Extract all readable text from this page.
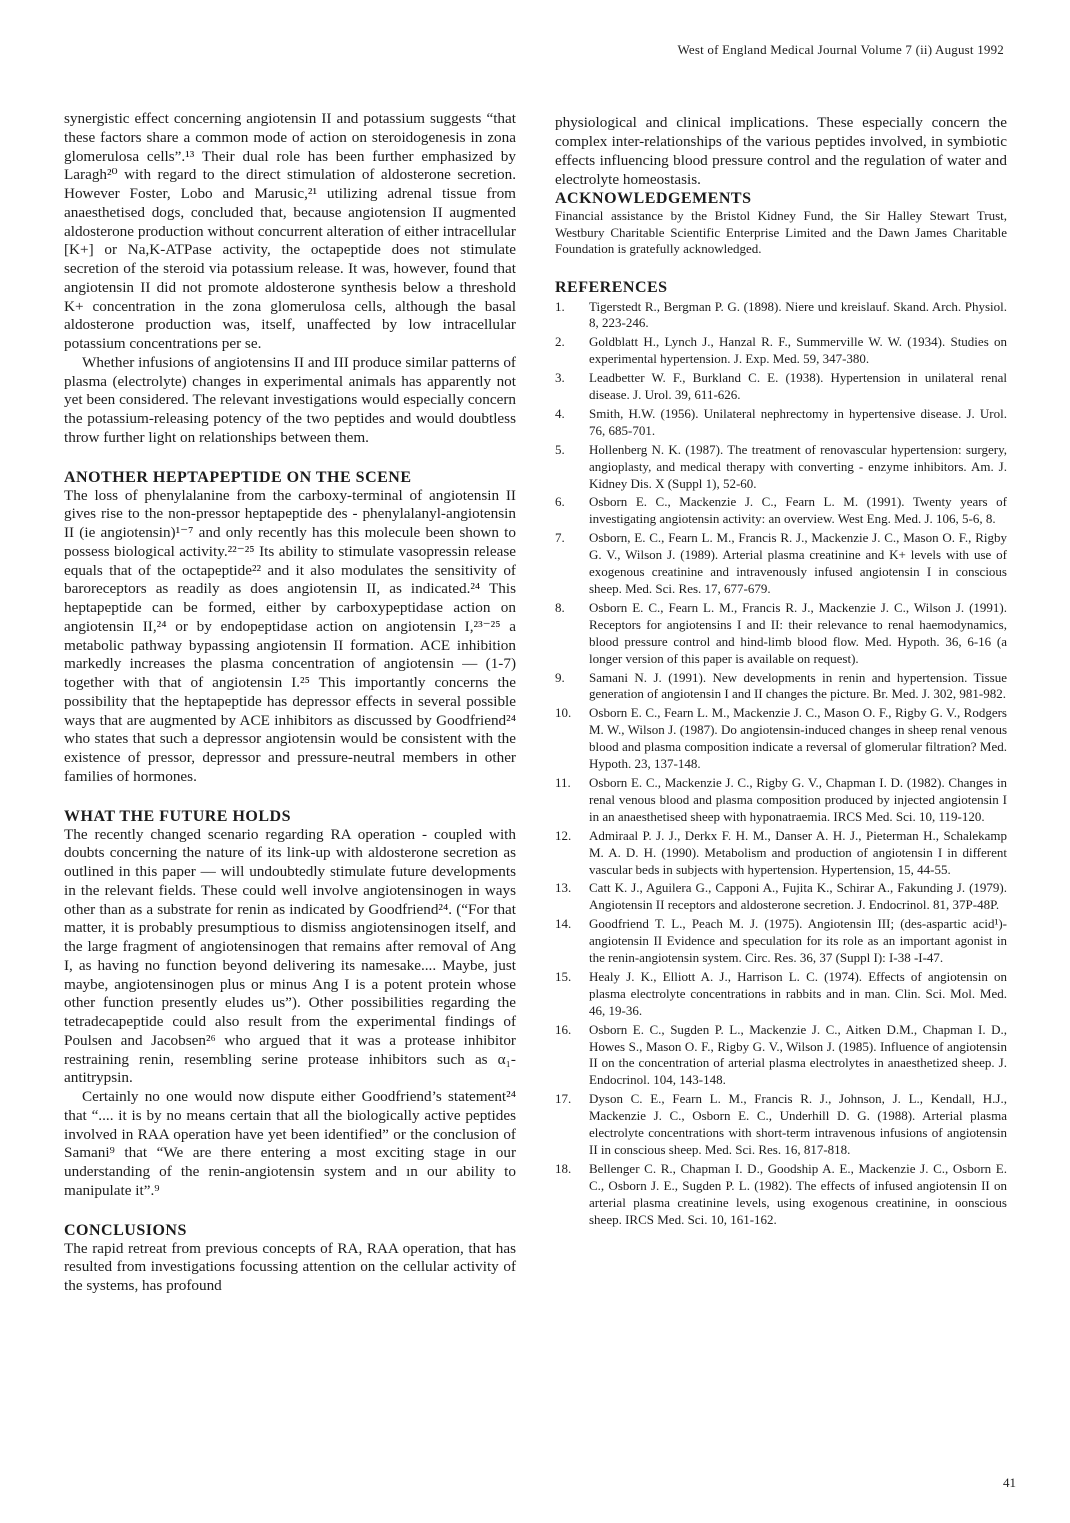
West of England Medical Journal Volume 7 (ii) August 1992

synergistic effect concerning angiotensin II and potassium suggests “that these factors share a common mode of action on steroidogenesis in zona glomerulosa cells”.¹³ Their dual role has been further emphasized by Laragh²⁰ with regard to the direct stimulation of aldosterone secretion. However Foster, Lobo and Marusic,²¹ utilizing adrenal tissue from anaesthetised dogs, concluded that, because angiotension II augmented aldosterone production without concurrent alteration of either intracellular [K+] or Na,K-ATPase activity, the octapeptide does not stimulate secretion of the steroid via potassium release. It was, however, found that angiotensin II did not promote aldosterone synthesis below a threshold K+ concentration in the zona glomerulosa cells, although the basal aldosterone production was, itself, unaffected by low intracellular potassium concentrations per se.

Whether infusions of angiotensins II and III produce similar patterns of plasma (electrolyte) changes in experimental animals has apparently not yet been considered. The relevant investigations would especially concern the potassium-releasing potency of the two peptides and would doubtless throw further light on relationships between them.

ANOTHER HEPTAPEPTIDE ON THE SCENE

The loss of phenylalanine from the carboxy-terminal of angiotensin II gives rise to the non-pressor heptapeptide des - phenylalanyl-angiotensin II (ie angiotensin)¹⁻⁷ and only recently has this molecule been shown to possess biological activity.²²⁻²⁵ Its ability to stimulate vasopressin release equals that of the octapeptide²² and it also modulates the sensitivity of baroreceptors as readily as does angiotensin II, as indicated.²⁴ This heptapeptide can be formed, either by carboxypeptidase action on angiotensin II,²⁴ or by endopeptidase action on angiotensin I,²³⁻²⁵ a metabolic pathway bypassing angiotensin II formation. ACE inhibition markedly increases the plasma concentration of angiotensin — (1-7) together with that of angiotensin I.²⁵ This importantly concerns the possibility that the heptapeptide has depressor effects in several possible ways that are augmented by ACE inhibitors as discussed by Goodfriend²⁴ who states that such a depressor angiotensin would be consistent with the existence of pressor, depressor and pressure-neutral members in other families of hormones.

WHAT THE FUTURE HOLDS

The recently changed scenario regarding RA operation - coupled with doubts concerning the nature of its link-up with aldosterone secretion as outlined in this paper — will undoubtedly stimulate future developments in the relevant fields. These could well involve angiotensinogen in ways other than as a substrate for renin as indicated by Goodfriend²⁴. (“For that matter, it is probably presumptious to dismiss angiotensinogen itself, and the large fragment of angiotensinogen that remains after removal of Ang I, as having no function beyond delivering its namesake.... Maybe, just maybe, angiotensinogen plus or minus Ang I is a potent protein whose other function presently eludes us”). Other possibilities regarding the tetradecapeptide could also result from the experimental findings of Poulsen and Jacobsen²⁶ who argued that it was a protease inhibitor restraining renin, resembling serine protease inhibitors such as α₁-antitrypsin.

Certainly no one would now dispute either Goodfriend’s statement²⁴ that “.... it is by no means certain that all the biologically active peptides involved in RAA operation have yet been identified” or the conclusion of Samani⁹ that “We are there entering a most exciting stage in our understanding of the renin-angiotensin system and ın our ability to manipulate it”.⁹

CONCLUSIONS

The rapid retreat from previous concepts of RA, RAA operation, that has resulted from investigations focussing attention on the cellular activity of the systems, has profound

physiological and clinical implications. These especially concern the complex inter-relationships of the various peptides involved, in symbiotic effects influencing blood pressure control and the regulation of water and electrolyte homeostasis.

ACKNOWLEDGEMENTS

Financial assistance by the Bristol Kidney Fund, the Sir Halley Stewart Trust, Westbury Charitable Scientific Enterprise Limited and the Dawn James Charitable Foundation is gratefully acknowledged.

REFERENCES
1.	Tigerstedt R., Bergman P. G. (1898). Niere und kreislauf. Skand. Arch. Physiol. 8, 223-246.
2.	Goldblatt H., Lynch J., Hanzal R. F., Summerville W. W. (1934). Studies on experimental hypertension. J. Exp. Med. 59, 347-380.
3.	Leadbetter W. F., Burkland C. E. (1938). Hypertension in unilateral renal disease. J. Urol. 39, 611-626.
4.	Smith, H.W. (1956). Unilateral nephrectomy in hypertensive disease. J. Urol. 76, 685-701.
5.	Hollenberg N. K. (1987). The treatment of renovascular hypertension: surgery, angioplasty, and medical therapy with converting - enzyme inhibitors. Am. J. Kidney Dis. X (Suppl 1), 52-60.
6.	Osborn E. C., Mackenzie J. C., Fearn L. M. (1991). Twenty years of investigating angiotensin activity: an overview. West Eng. Med. J. 106, 5-6, 8.
7.	Osborn, E. C., Fearn L. M., Francis R. J., Mackenzie J. C., Mason O. F., Rigby G. V., Wilson J. (1989). Arterial plasma creatinine and K+ levels with use of exogenous creatinine and intravenously infused angiotensin I in conscious sheep. Med. Sci. Res. 17, 677-679.
8.	Osborn E. C., Fearn L. M., Francis R. J., Mackenzie J. C., Wilson J. (1991). Receptors for angiotensins I and II: their relevance to renal haemodynamics, blood pressure control and hind-limb blood flow. Med. Hypoth. 36, 6-16 (a longer version of this paper is available on request).
9.	Samani N. J. (1991). New developments in renin and hypertension. Tissue generation of angiotensin I and II changes the picture. Br. Med. J. 302, 981-982.
10.	Osborn E. C., Fearn L. M., Mackenzie J. C., Mason O. F., Rigby G. V., Rodgers M. W., Wilson J. (1987). Do angiotensin-induced changes in sheep renal venous blood and plasma composition indicate a reversal of glomerular filtration? Med. Hypoth. 23, 137-148.
11.	Osborn E. C., Mackenzie J. C., Rigby G. V., Chapman I. D. (1982). Changes in renal venous blood and plasma composition produced by injected angiotensin I in an anaesthetised sheep with hyponatraemia. IRCS Med. Sci. 10, 119-120.
12.	Admiraal P. J. J., Derkx F. H. M., Danser A. H. J., Pieterman H., Schalekamp M. A. D. H. (1990). Metabolism and production of angiotensin I in different vascular beds in subjects with hypertension. Hypertension, 15, 44-55.
13.	Catt K. J., Aguilera G., Capponi A., Fujita K., Schirar A., Fakunding J. (1979). Angiotensin II receptors and aldosterone secretion. J. Endocrinol. 81, 37P-48P.
14.	Goodfriend T. L., Peach M. J. (1975). Angiotensin III; (des-aspartic acid¹)-angiotensin II Evidence and speculation for its role as an important agonist in the renin-angiotensin system. Circ. Res. 36, 37 (Suppl I): I-38 -I-47.
15.	Healy J. K., Elliott A. J., Harrison L. C. (1974). Effects of angiotensin on plasma electrolyte concentrations in rabbits and in man. Clin. Sci. Mol. Med. 46, 19-36.
16.	Osborn E. C., Sugden P. L., Mackenzie J. C., Aitken D.M., Chapman I. D., Howes S., Mason O. F., Rigby G. V., Wilson J. (1985). Influence of angiotensin II on the concentration of arterial plasma electrolytes in anaesthetized sheep. J. Endocrinol. 104, 143-148.
17.	Dyson C. E., Fearn L. M., Francis R. J., Johnson, J. L., Kendall, H.J., Mackenzie J. C., Osborn E. C., Underhill D. G. (1988). Arterial plasma electrolyte concentrations with short-term intravenous infusions of angiotensin II in conscious sheep. Med. Sci. Res. 16, 817-818.
18.	Bellenger C. R., Chapman I. D., Goodship A. E., Mackenzie J. C., Osborn E. C., Osborn J. E., Sugden P. L. (1982). The effects of infused angiotensin II on arterial plasma creatinine levels, using exogenous creatinine, in oonscious sheep. IRCS Med. Sci. 10, 161-162.
41
